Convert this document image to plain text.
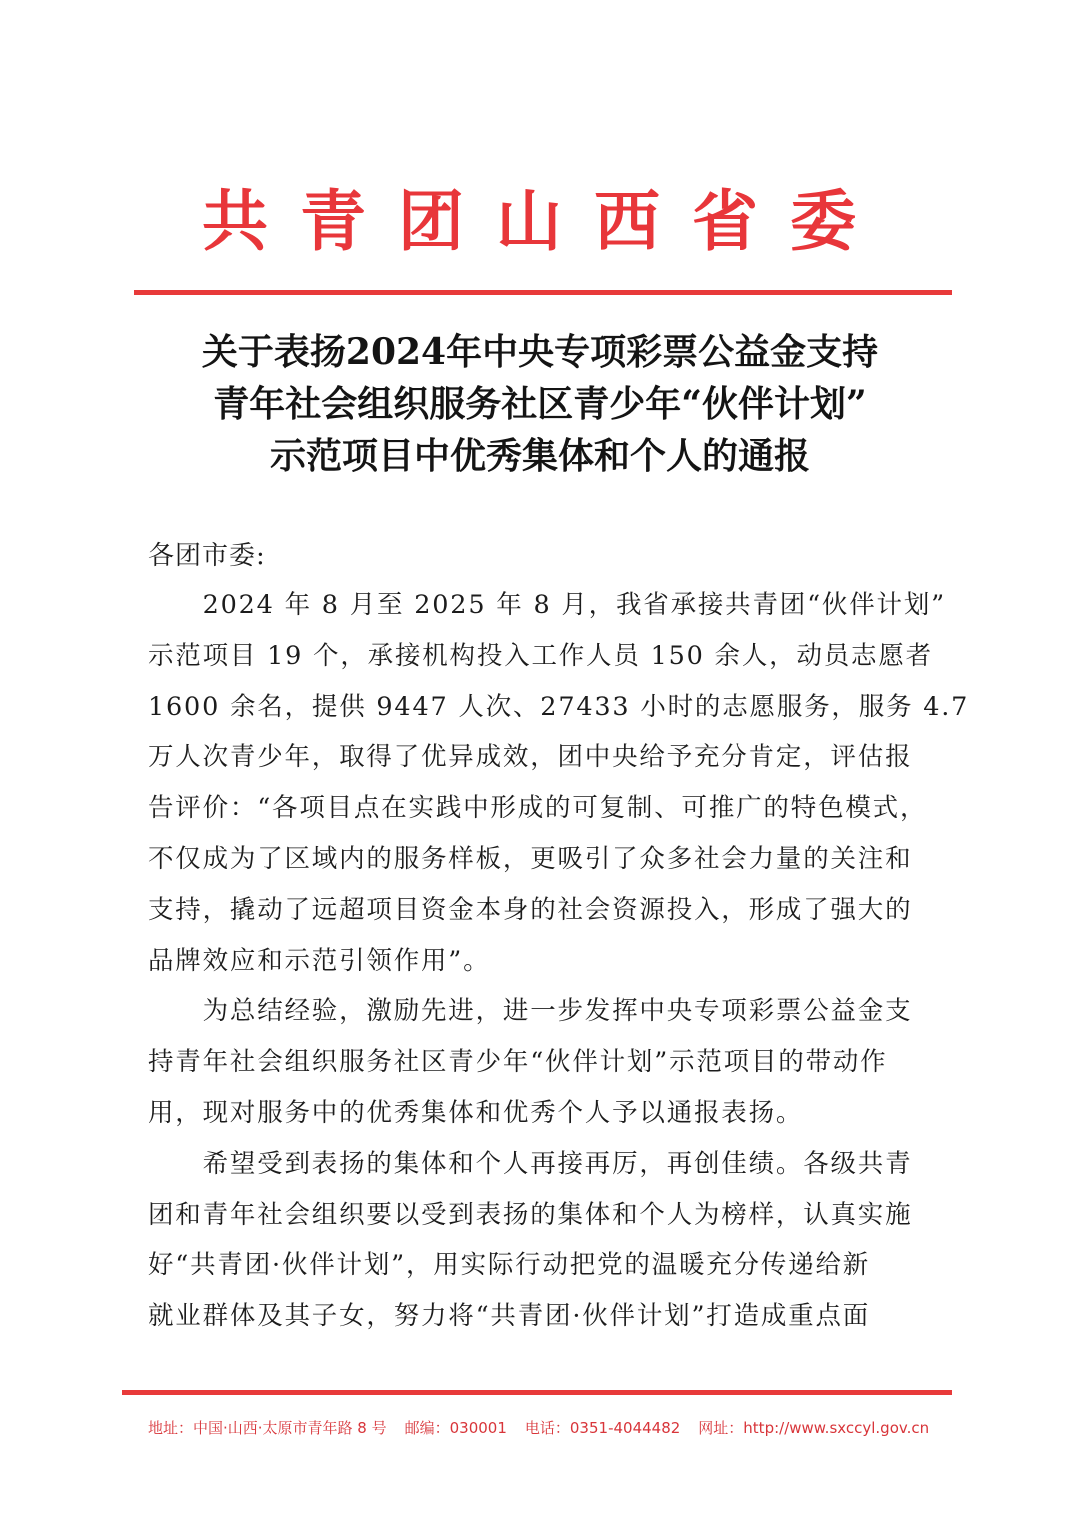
共青团山西省委
关于表扬2024年中央专项彩票公益金支持
青年社会组织服务社区青少年“伙伴计划”
示范项目中优秀集体和个人的通报
各团市委:
　　2024 年 8 月至 2025 年 8 月，我省承接共青团“伙伴计划”
示范项目 19 个，承接机构投入工作人员 150 余人，动员志愿者
1600 余名，提供 9447 人次、27433 小时的志愿服务，服务 4.7
万人次青少年，取得了优异成效，团中央给予充分肯定，评估报
告评价：“各项目点在实践中形成的可复制、可推广的特色模式，
不仅成为了区域内的服务样板，更吸引了众多社会力量的关注和
支持，撬动了远超项目资金本身的社会资源投入，形成了强大的
品牌效应和示范引领作用”。
　　为总结经验，激励先进，进一步发挥中央专项彩票公益金支
持青年社会组织服务社区青少年“伙伴计划”示范项目的带动作
用，现对服务中的优秀集体和优秀个人予以通报表扬。
　　希望受到表扬的集体和个人再接再厉，再创佳绩。各级共青
团和青年社会组织要以受到表扬的集体和个人为榜样，认真实施
好“共青团·伙伴计划”，用实际行动把党的温暖充分传递给新
就业群体及其子女，努力将“共青团·伙伴计划”打造成重点面
地址：中国·山西·太原市青年路 8 号 邮编：030001 电话：0351-4044482 网址：http://www.sxccyl.gov.cn
